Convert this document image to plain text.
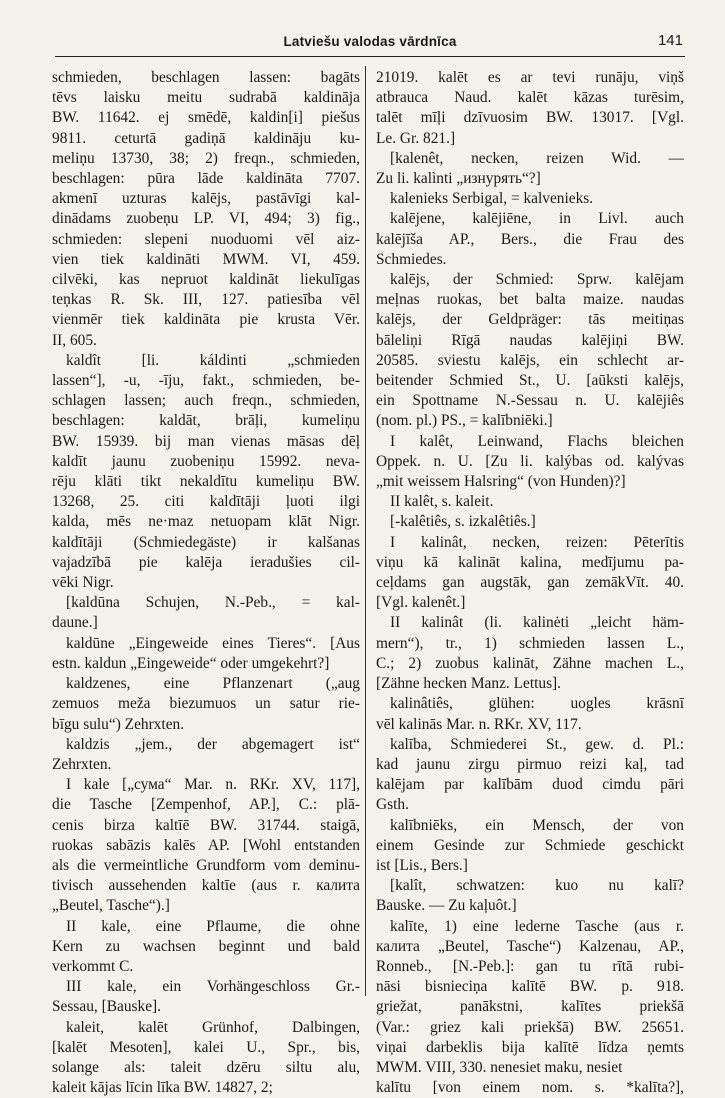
Latviešu valodas vārdnīca	141
schmieden, beschlagen lassen: bagāts
tēvs laisku meitu sudrabā kaldināja
BW. 11642. ej smēdē, kaldin[i] piešus
9811. ceturtā gadiņā kaldināju ku-
meliņu 13730, 38; 2) freqn., schmieden,
beschlagen: pūra lāde kaldināta 7707.
akmenī uzturas kalējs, pastāvīgi kal-
dinādams zuobeņu LP. VI, 494; 3) fig.,
schmieden: slepeni nuoduomi vēl aiz-
vien tiek kaldināti MWM. VI, 459.
cilvēki, kas nepruot kaldināt liekulīgas
teņkas R. Sk. III, 127. patiesība vēl
vienmēr tiek kaldināta pie krusta Vēr.
II, 605.
kaldît [li. káldinti „schmieden
lassen“], -u, -īju, fakt., schmieden, be-
schlagen lassen; auch freqn., schmieden,
beschlagen: kaldāt, brāļi, kumeliņu
BW. 15939. bij man vienas māsas dēļ
kaldīt jaunu zuobeniņu 15992. neva-
rēju klāti tikt nekaldītu kumeliņu BW.
13268, 25. citi kaldītāji ļuoti ilgi
kalda, mēs ne·maz netuopam klāt Nigr.
kaldītāji (Schmiedegäste) ir kalšanas
vajadzībā pie kalēja ieradušies cil-
vēki Nigr.
[kaldūna Schujen, N.-Peb., = kal-
daune.]
kaldūne „Eingeweide eines Tieres“. [Aus
estn. kaldun „Eingeweide“ oder umgekehrt?]
kaldzenes, eine Pflanzenart („aug
zemuos meža biezumuos un satur rie-
bīgu sulu“) Zehrxten.
kaldzis „jem., der abgemagert ist“
Zehrxten.
I kale [„сума“ Mar. n. RKr. XV, 117],
die Tasche [Zempenhof, AP.], C.: plā-
cenis birza kaltīē BW. 31744. staigā,
ruokas sabāzis kalēs AP. [Wohl entstanden
als die vermeintliche Grundform vom deminu-
tivisch aussehenden kaltīe (aus r. калита
„Beutel, Tasche“).]
II kale, eine Pflaume, die ohne
Kern zu wachsen beginnt und bald
verkommt C.
III kale, ein Vorhängeschloss Gr.-
Sessau, [Bauske].
kaleit, kalēt Grünhof, Dalbingen,
[kalēt Mesoten], kalei U., Spr., bis,
solange als: taleit dzēru siltu alu,
kaleit kājas līcin līka BW. 14827, 2;
21019. kalēt es ar tevi runāju, viņš
atbrauca Naud. kalēt kāzas turēsim,
talēt mīļi dzīvuosim BW. 13017. [Vgl.
Le. Gr. 821.]
[kalenêt, necken, reizen Wid. —
Zu li. kalìnti „изнурять“?]
kalenieks Serbigal, = kalvenieks.
kalējene, kalējiēne, in Livl. auch
kalējīša AP., Bers., die Frau des
Schmiedes.
kalējs, der Schmied: Sprw. kalējam
meļnas ruokas, bet balta maize. naudas
kalējs, der Geldpräger: tās meitiņas
bāleliņi Rīgā naudas kalējiņi BW.
20585. sviestu kalējs, ein schlecht ar-
beitender Schmied St., U. [aūksti kalējs,
ein Spottname N.-Sessau n. U. kalējiês
(nom. pl.) PS., = kalībniēki.]
I kalêt, Leinwand, Flachs bleichen
Oppek. n. U. [Zu li. kalýbas od. kalývas
„mit weissem Halsring“ (von Hunden)?]
II kalêt, s. kaleit.
[-kalêtiês, s. izkalêtiês.]
I kalinât, necken, reizen: Pēterītis
viņu kā kalināt kalina, medījumu pa-
ceļdams gan augstāk, gan zemākVīt. 40.
[Vgl. kalenêt.]
II kalinât (li. kalinėti „leicht häm-
mern“), tr., 1) schmieden lassen L.,
C.; 2) zuobus kalināt, Zähne machen L.,
[Zähne hecken Manz. Lettus].
kalinâtiês, glühen: uogles krāsnī
vēl kalinās Mar. n. RKr. XV, 117.
kalība, Schmiederei St., gew. d. Pl.:
kad jaunu zirgu pirmuo reizi kaļ, tad
kalējam par kalībām duod cimdu pāri
Gsth.
kalībniēks, ein Mensch, der von
einem Gesinde zur Schmiede geschickt
ist [Lis., Bers.]
[kalît, schwatzen: kuo nu kalī?
Bauske. — Zu kaļuôt.]
kalīte, 1) eine lederne Tasche (aus r.
калита „Beutel, Tasche“) Kalzenau, AP.,
Ronneb., [N.-Peb.]: gan tu rītā rubi-
nāsi bisnieciņa kalītē BW. p. 918.
griežat, panākstni, kalītes priekšā
(Var.: griez kali priekšā) BW. 25651.
viņai darbeklis bija kalītē līdza ņemts
MWM. VIII, 330. nenesiet maku, nesiet
kalītu [von einem nom. s. *kalīta?],
